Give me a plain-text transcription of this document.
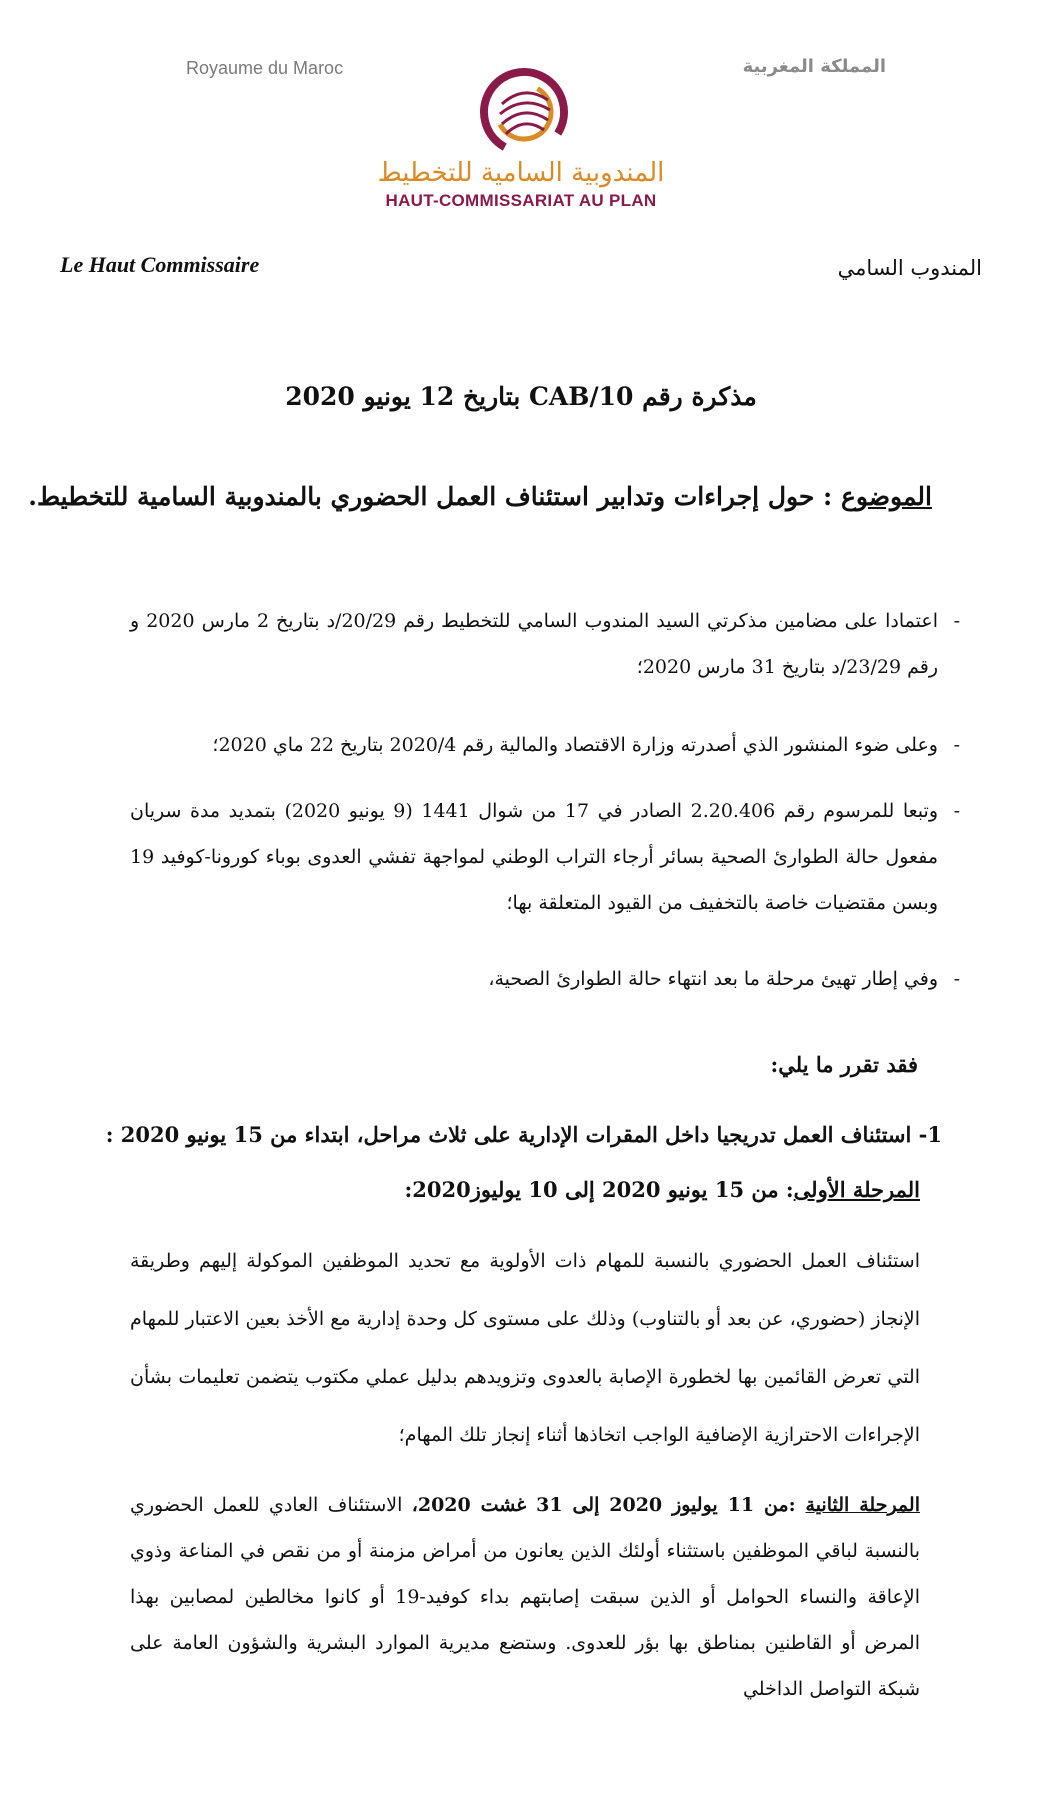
Royaume du Maroc	المملكة المغربية
المندوبية السامية للتخطيط
HAUT-COMMISSARIAT AU PLAN
Le Haut Commissaire	المندوب السامي
مذكرة رقم 10/CAB بتاريخ 12 يونيو 2020
الموضوع : حول إجراءات وتدابير استئناف العمل الحضوري بالمندوبية السامية للتخطيط.
-
اعتمادا على مضامين مذكرتي السيد المندوب السامي للتخطيط رقم 20/29/د بتاريخ 2 مارس 2020 و رقم 23/29/د بتاريخ 31 مارس 2020؛
-
وعلى ضوء المنشور الذي أصدرته وزارة الاقتصاد والمالية رقم 2020/4 بتاريخ 22 ماي 2020؛
-
وتبعا للمرسوم رقم 2.20.406 الصادر في 17 من شوال 1441 (9 يونيو 2020) بتمديد مدة سريان مفعول حالة الطوارئ الصحية بسائر أرجاء التراب الوطني لمواجهة تفشي العدوى بوباء كورونا-كوفيد 19 وبسن مقتضيات خاصة بالتخفيف من القيود المتعلقة بها؛
-
وفي إطار تهيئ مرحلة ما بعد انتهاء حالة الطوارئ الصحية،
فقد تقرر ما يلي:
1- استئناف العمل تدريجيا داخل المقرات الإدارية على ثلاث مراحل، ابتداء من 15 يونيو 2020 :
المرحلة الأولى: من 15 يونيو 2020 إلى 10 يوليوز2020:
استئناف العمل الحضوري بالنسبة للمهام ذات الأولوية مع تحديد الموظفين الموكولة إليهم وطريقة الإنجاز (حضوري، عن بعد أو بالتناوب) وذلك على مستوى كل وحدة إدارية مع الأخذ بعين الاعتبار للمهام التي تعرض القائمين بها لخطورة الإصابة بالعدوى وتزويدهم بدليل عملي مكتوب يتضمن تعليمات بشأن الإجراءات الاحترازية الإضافية الواجب اتخاذها أثناء إنجاز تلك المهام؛
المرحلة الثانية :من 11 يوليوز 2020 إلى 31 غشت 2020، الاستئناف العادي للعمل الحضوري بالنسبة لباقي الموظفين باستثناء أولئك الذين يعانون من أمراض مزمنة أو من نقص في المناعة وذوي الإعاقة والنساء الحوامل أو الذين سبقت إصابتهم بداء كوفيد-19 أو كانوا مخالطين لمصابين بهذا المرض أو القاطنين بمناطق بها بؤر للعدوى. وستضع مديرية الموارد البشرية والشؤون العامة على شبكة التواصل الداخلي
